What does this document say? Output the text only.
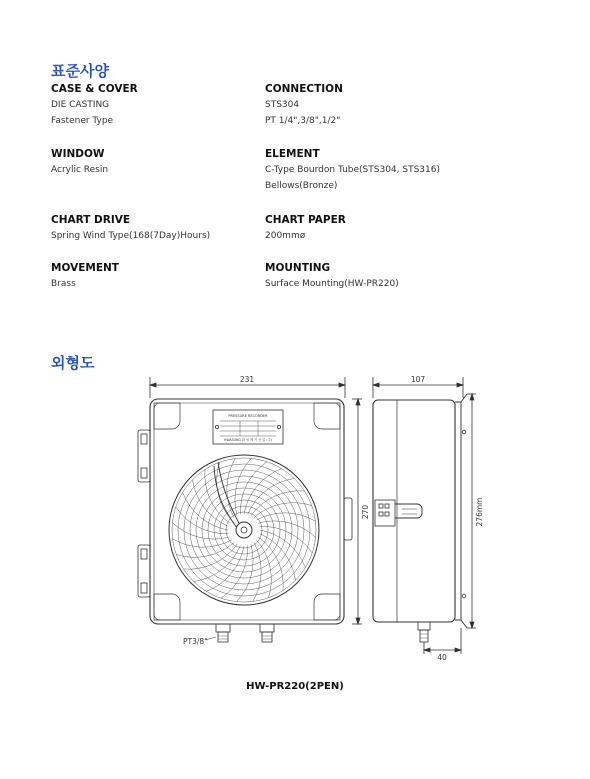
표준사양
CASE & COVER
DIE CASTING
Fastener Type
CONNECTION
STS304
PT 1/4",3/8",1/2"
WINDOW
Acrylic Resin
ELEMENT
C-Type Bourdon Tube(STS304, STS316)
Bellows(Bronze)
CHART DRIVE
Spring Wind Type(168(7Day)Hours)
CHART PAPER
200mmø
MOVEMENT
Brass
MOUNTING
Surface Mounting(HW-PR220)
외형도
231	107
270
276mm
40
PT3/8"
PRESSURE RECORDER
HWASUNG 화 성 계 기 공 업 (주)
HW-PR220(2PEN)
